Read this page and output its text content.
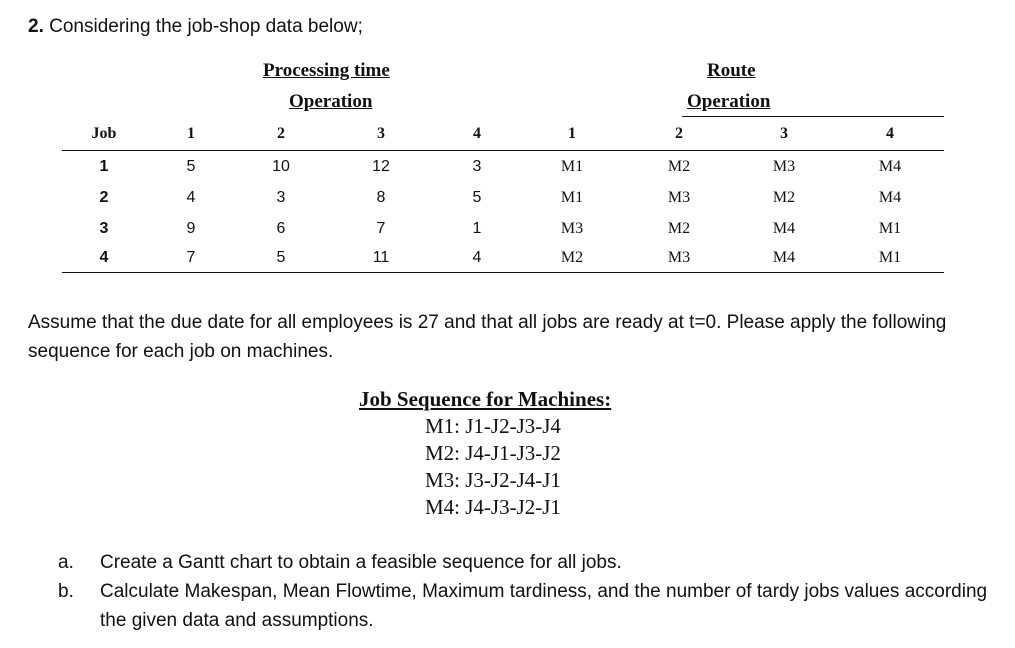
2. Considering the job-shop data below;
Processing time
Operation
Route
Operation
Job	1	2	3	4	1	2	3	4
1	5	10	12	3	M1	M2	M3	M4
2	4	3	8	5	M1	M3	M2	M4
3	9	6	7	1	M3	M2	M4	M1
4	7	5	11	4	M2	M3	M4	M1
Assume that the due date for all employees is 27 and that all jobs are ready at t=0. Please apply the following sequence for each job on machines.
Job Sequence for Machines:
M1: J1-J2-J3-J4
M2: J4-J1-J3-J2
M3: J3-J2-J4-J1
M4: J4-J3-J2-J1
a. Create a Gantt chart to obtain a feasible sequence for all jobs.
b. Calculate Makespan, Mean Flowtime, Maximum tardiness, and the number of tardy jobs values according the given data and assumptions.
